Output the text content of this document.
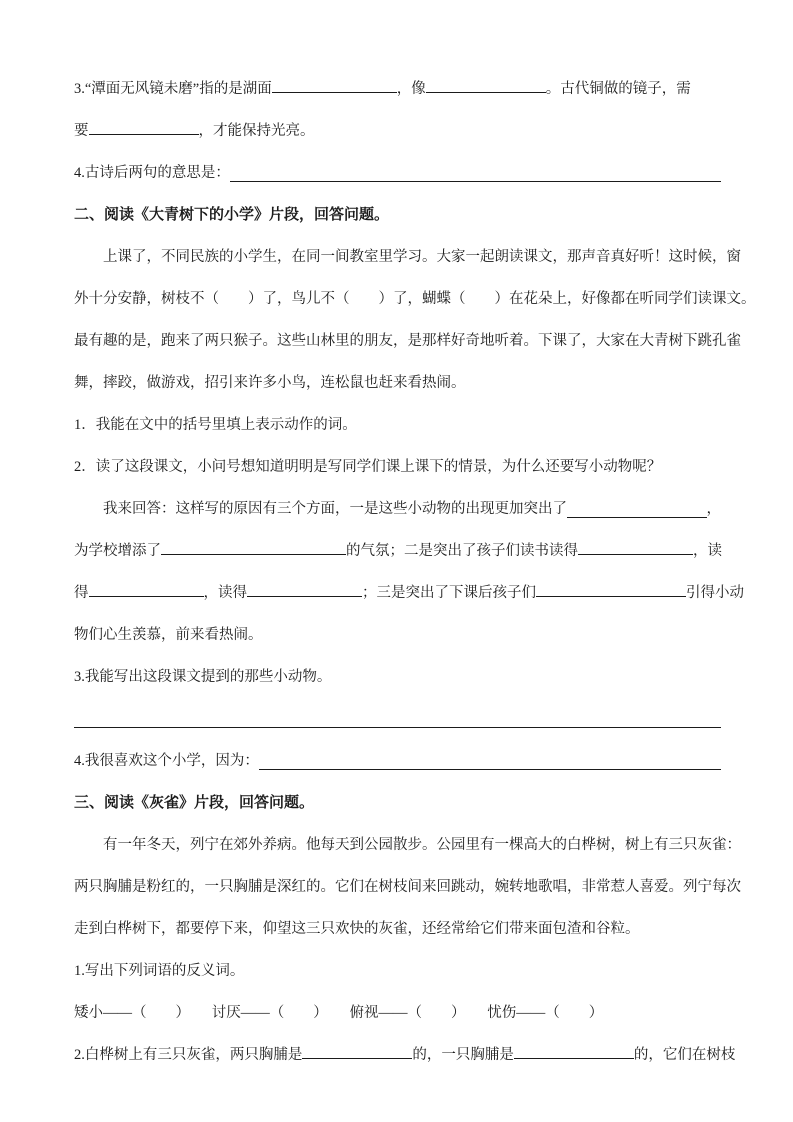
3.“潭面无风镜未磨”指的是湖面	，像	。古代铜做的镜子，需
要	，才能保持光亮。
4.古诗后两句的意思是：
二、阅读《大青树下的小学》片段，回答问题。
上课了，不同民族的小学生，在同一间教室里学习。大家一起朗读课文，那声音真好听！这时候，窗
外十分安静，树枝不（　　）了，鸟儿不（　　）了，蝴蝶（　　）在花朵上，好像都在听同学们读课文。
最有趣的是，跑来了两只猴子。这些山林里的朋友，是那样好奇地听着。下课了，大家在大青树下跳孔雀
舞，摔跤，做游戏，招引来许多小鸟，连松鼠也赶来看热闹。
1．我能在文中的括号里填上表示动作的词。
2．读了这段课文，小问号想知道明明是写同学们课上课下的情景，为什么还要写小动物呢？
我来回答：这样写的原因有三个方面，一是这些小动物的出现更加突出了	，
为学校增添了	的气氛；二是突出了孩子们读书读得	，读
得	，读得	；三是突出了下课后孩子们	引得小动
物们心生羡慕，前来看热闹。
3.我能写出这段课文提到的那些小动物。
4.我很喜欢这个小学，因为：
三、阅读《灰雀》片段，回答问题。
有一年冬天，列宁在郊外养病。他每天到公园散步。公园里有一棵高大的白桦树，树上有三只灰雀：
两只胸脯是粉红的，一只胸脯是深红的。它们在树枝间来回跳动，婉转地歌唱，非常惹人喜爱。列宁每次
走到白桦树下，都要停下来，仰望这三只欢快的灰雀，还经常给它们带来面包渣和谷粒。
1.写出下列词语的反义词。
矮小——（　　）　　讨厌——（　　）　　俯视——（　　）　　忧伤——（　　）
2.白桦树上有三只灰雀，两只胸脯是	的，一只胸脯是	的，它们在树枝
